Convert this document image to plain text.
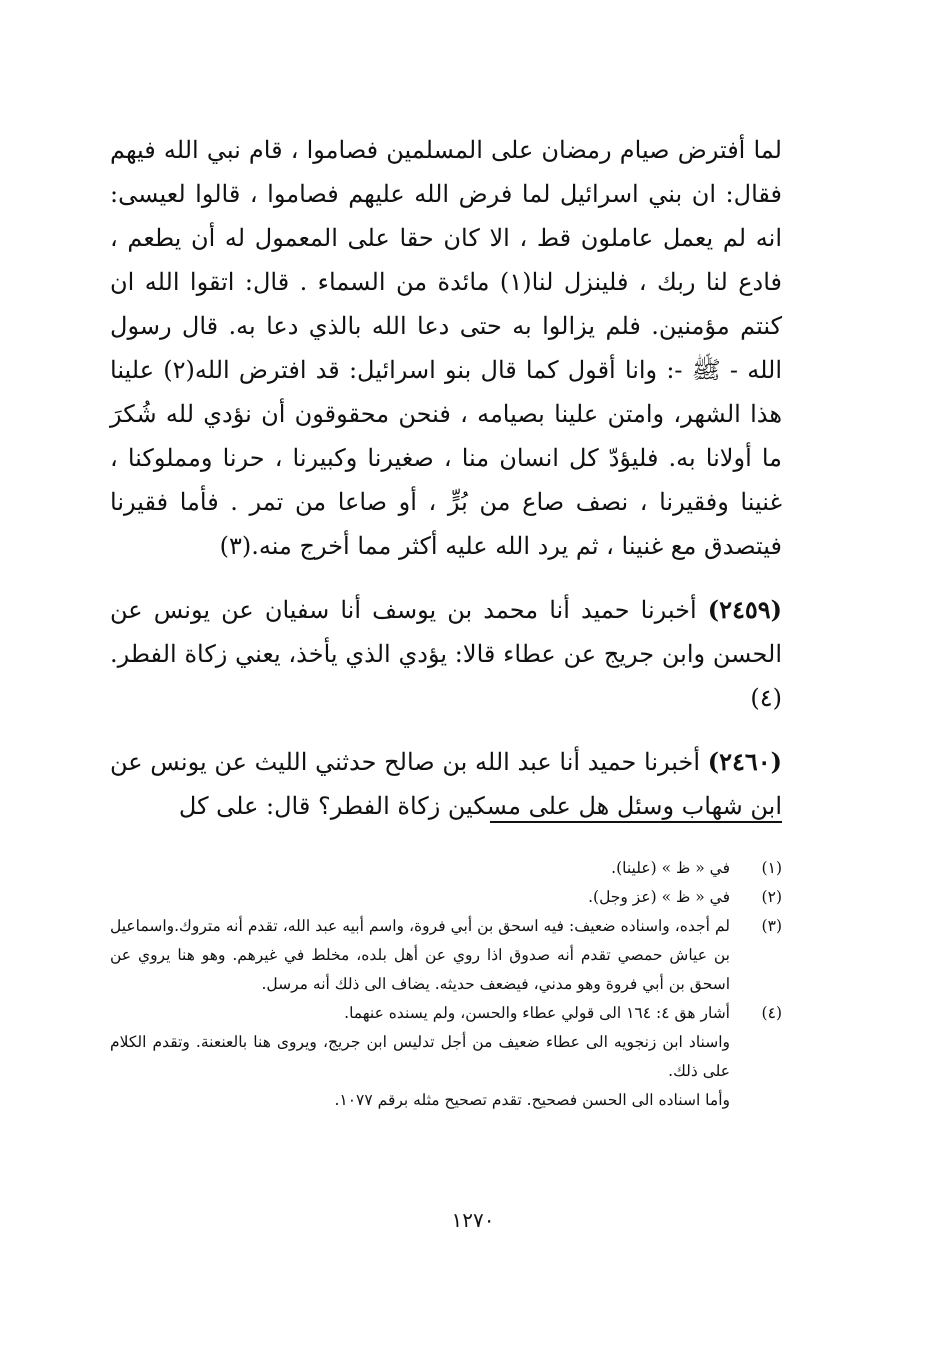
لما أفترض صيام رمضان على المسلمين فصاموا ، قام نبي الله فيهم فقال: ان بني اسرائيل لما فرض الله عليهم فصاموا ، قالوا لعيسى: انه لم يعمل عاملون قط ، الا كان حقا على المعمول له أن يطعم ، فادع لنا ربك ، فلينزل لنا(١) مائدة من السماء . قال: اتقوا الله ان كنتم مؤمنين. فلم يزالوا به حتى دعا الله بالذي دعا به. قال رسول الله - ﷺ -: وانا أقول كما قال بنو اسرائيل: قد افترض الله(٢) علينا هذا الشهر، وامتن علينا بصيامه ، فنحن محقوقون أن نؤدي لله شُكرَ ما أولانا به. فليؤدّ كل انسان منا ، صغيرنا وكبيرنا ، حرنا ومملوكنا ، غنينا وفقيرنا ، نصف صاع من بُرٍّ ، أو صاعا من تمر . فأما فقيرنا فيتصدق مع غنينا ، ثم يرد الله عليه أكثر مما أخرج منه.(٣)

(٢٤٥٩) أخبرنا حميد أنا محمد بن يوسف أنا سفيان عن يونس عن الحسن وابن جريج عن عطاء قالا: يؤدي الذي يأخذ، يعني زكاة الفطر.(٤)

(٢٤٦٠) أخبرنا حميد أنا عبد الله بن صالح حدثني الليث عن يونس عن ابن شهاب وسئل هل على مسكين زكاة الفطر؟ قال: على كل

(١)
في « ظ » (علينا).
(٢)
في « ظ » (عز وجل).
(٣)
لم أجده، واسناده ضعيف: فيه اسحق بن أبي فروة، واسم أبيه عبد الله، تقدم أنه متروك.واسماعيل بن عياش حمصي تقدم أنه صدوق اذا روي عن أهل بلده، مخلط في غيرهم. وهو هنا يروي عن اسحق بن أبي فروة وهو مدني، فيضعف حديثه. يضاف الى ذلك أنه مرسل.
(٤)
أشار هق ٤: ١٦٤ الى قولي عطاء والحسن، ولم يسنده عنهما.
واسناد ابن زنجويه الى عطاء ضعيف من أجل تدليس ابن جريج، ويروى هنا بالعنعنة. وتقدم الكلام على ذلك.
وأما اسناده الى الحسن فصحيح. تقدم تصحيح مثله برقم ١٠٧٧.
١٢٧٠
